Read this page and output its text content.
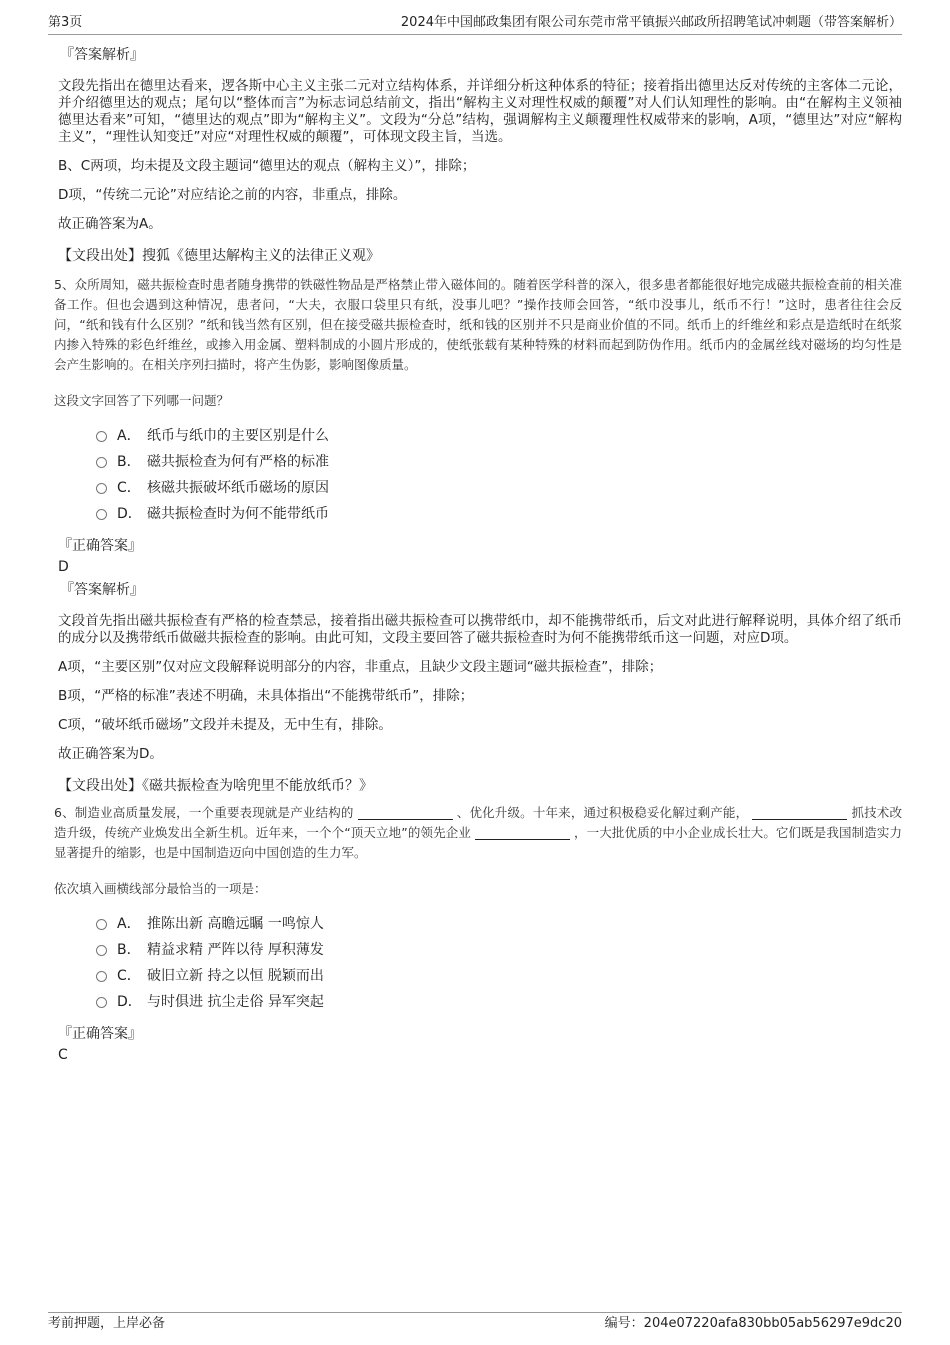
第3页	2024年中国邮政集团有限公司东莞市常平镇振兴邮政所招聘笔试冲刺题（带答案解析）
『答案解析』

文段先指出在德里达看来，逻各斯中心主义主张二元对立结构体系，并详细分析这种体系的特征；接着指出德里达反对传统的主客体二元论，并介绍德里达的观点；尾句以“整体而言”为标志词总结前文，指出“解构主义对理性权威的颠覆”对人们认知理性的影响。由“在解构主义领袖德里达看来”可知，“德里达的观点”即为“解构主义”。文段为“分总”结构，强调解构主义颠覆理性权威带来的影响，A项，“德里达”对应“解构主义”，“理性认知变迁”对应“对理性权威的颠覆”，可体现文段主旨，当选。

B、C两项，均未提及文段主题词“德里达的观点（解构主义）”，排除；

D项，“传统二元论”对应结论之前的内容，非重点，排除。

故正确答案为A。

【文段出处】搜狐《德里达解构主义的法律正义观》

5、众所周知，磁共振检查时患者随身携带的铁磁性物品是严格禁止带入磁体间的。随着医学科普的深入，很多患者都能很好地完成磁共振检查前的相关准备工作。但也会遇到这种情况，患者问，“大夫，衣服口袋里只有纸，没事儿吧？”操作技师会回答，“纸巾没事儿，纸币不行！”这时，患者往往会反问，“纸和钱有什么区别？”纸和钱当然有区别，但在接受磁共振检查时，纸和钱的区别并不只是商业价值的不同。纸币上的纤维丝和彩点是造纸时在纸浆内掺入特殊的彩色纤维丝，或掺入用金属、塑料制成的小圆片形成的，使纸张载有某种特殊的材料而起到防伪作用。纸币内的金属丝线对磁场的均匀性是会产生影响的。在相关序列扫描时，将产生伪影，影响图像质量。

这段文字回答了下列哪一问题？

A． 纸币与纸巾的主要区别是什么
B． 磁共振检查为何有严格的标准
C． 核磁共振破坏纸币磁场的原因
D． 磁共振检查时为何不能带纸币
『正确答案』
D
『答案解析』

文段首先指出磁共振检查有严格的检查禁忌，接着指出磁共振检查可以携带纸巾，却不能携带纸币，后文对此进行解释说明，具体介绍了纸币的成分以及携带纸币做磁共振检查的影响。由此可知，文段主要回答了磁共振检查时为何不能携带纸币这一问题，对应D项。

A项，“主要区别”仅对应文段解释说明部分的内容，非重点，且缺少文段主题词“磁共振检查”，排除；

B项，“严格的标准”表述不明确，未具体指出“不能携带纸币”，排除；

C项，“破坏纸币磁场”文段并未提及，无中生有，排除。

故正确答案为D。

【文段出处】《磁共振检查为啥兜里不能放纸币？》

6、制造业高质量发展，一个重要表现就是产业结构的	、优化升级。十年来，通过积极稳妥化解过剩产能，	抓技术改造升级，传统产业焕发出全新生机。近年来，一个个“顶天立地”的领先企业	，一大批优质的中小企业成长壮大。它们既是我国制造实力显著提升的缩影，也是中国制造迈向中国创造的生力军。

依次填入画横线部分最恰当的一项是：

A． 推陈出新 高瞻远瞩 一鸣惊人
B． 精益求精 严阵以待 厚积薄发
C． 破旧立新 持之以恒 脱颖而出
D． 与时俱进 抗尘走俗 异军突起
『正确答案』
C
考前押题，上岸必备	编号：204e07220afa830bb05ab56297e9dc20
